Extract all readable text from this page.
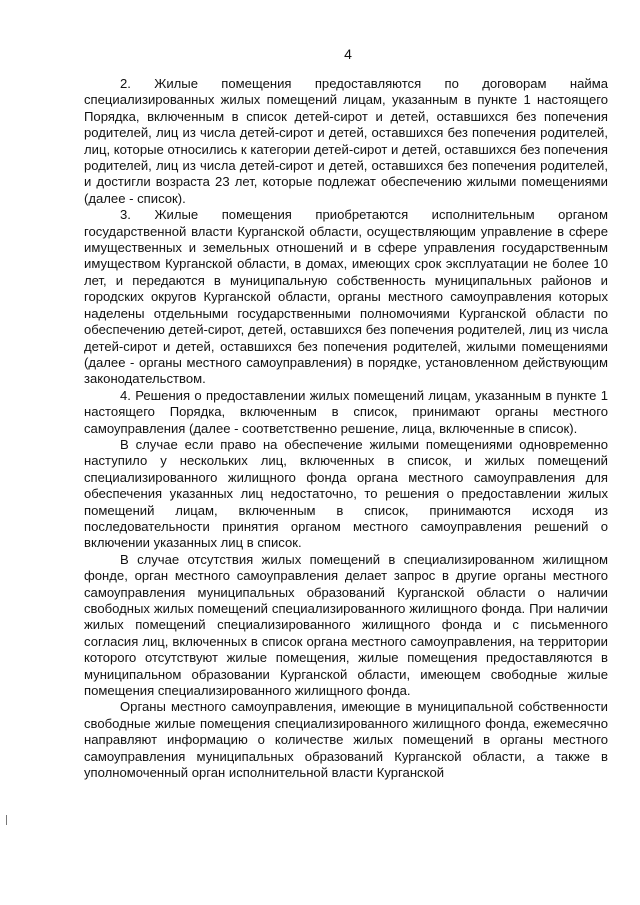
4

2. Жилые помещения предоставляются по договорам найма специализированных жилых помещений лицам, указанным в пункте 1 настоящего Порядка, включенным в список детей-сирот и детей, оставшихся без попечения родителей, лиц из числа детей-сирот и детей, оставшихся без попечения родителей, лиц, которые относились к категории детей-сирот и детей, оставшихся без попечения родителей, лиц из числа детей-сирот и детей, оставшихся без попечения родителей, и достигли возраста 23 лет, которые подлежат обеспечению жилыми помещениями (далее - список).

3. Жилые помещения приобретаются исполнительным органом государственной власти Курганской области, осуществляющим управление в сфере имущественных и земельных отношений и в сфере управления государственным имуществом Курганской области, в домах, имеющих срок эксплуатации не более 10 лет, и передаются в муниципальную собственность муниципальных районов и городских округов Курганской области, органы местного самоуправления которых наделены отдельными государственными полномочиями Курганской области по обеспечению детей-сирот, детей, оставшихся без попечения родителей, лиц из числа детей-сирот и детей, оставшихся без попечения родителей, жилыми помещениями (далее - органы местного самоуправления) в порядке, установленном действующим законодательством.

4. Решения о предоставлении жилых помещений лицам, указанным в пункте 1 настоящего Порядка, включенным в список, принимают органы местного самоуправления (далее - соответственно решение, лица, включенные в список).

В случае если право на обеспечение жилыми помещениями одновременно наступило у нескольких лиц, включенных в список, и жилых помещений специализированного жилищного фонда органа местного самоуправления для обеспечения указанных лиц недостаточно, то решения о предоставлении жилых помещений лицам, включенным в список, принимаются исходя из последовательности принятия органом местного самоуправления решений о включении указанных лиц в список.

В случае отсутствия жилых помещений в специализированном жилищном фонде, орган местного самоуправления делает запрос в другие органы местного самоуправления муниципальных образований Курганской области о наличии свободных жилых помещений специализированного жилищного фонда. При наличии жилых помещений специализированного жилищного фонда и с письменного согласия лиц, включенных в список органа местного самоуправления, на территории которого отсутствуют жилые помещения, жилые помещения предоставляются в муниципальном образовании Курганской области, имеющем свободные жилые помещения специализированного жилищного фонда.

Органы местного самоуправления, имеющие в муниципальной собственности свободные жилые помещения специализированного жилищного фонда, ежемесячно направляют информацию о количестве жилых помещений в органы местного самоуправления муниципальных образований Курганской области, а также в уполномоченный орган исполнительной власти Курганской
